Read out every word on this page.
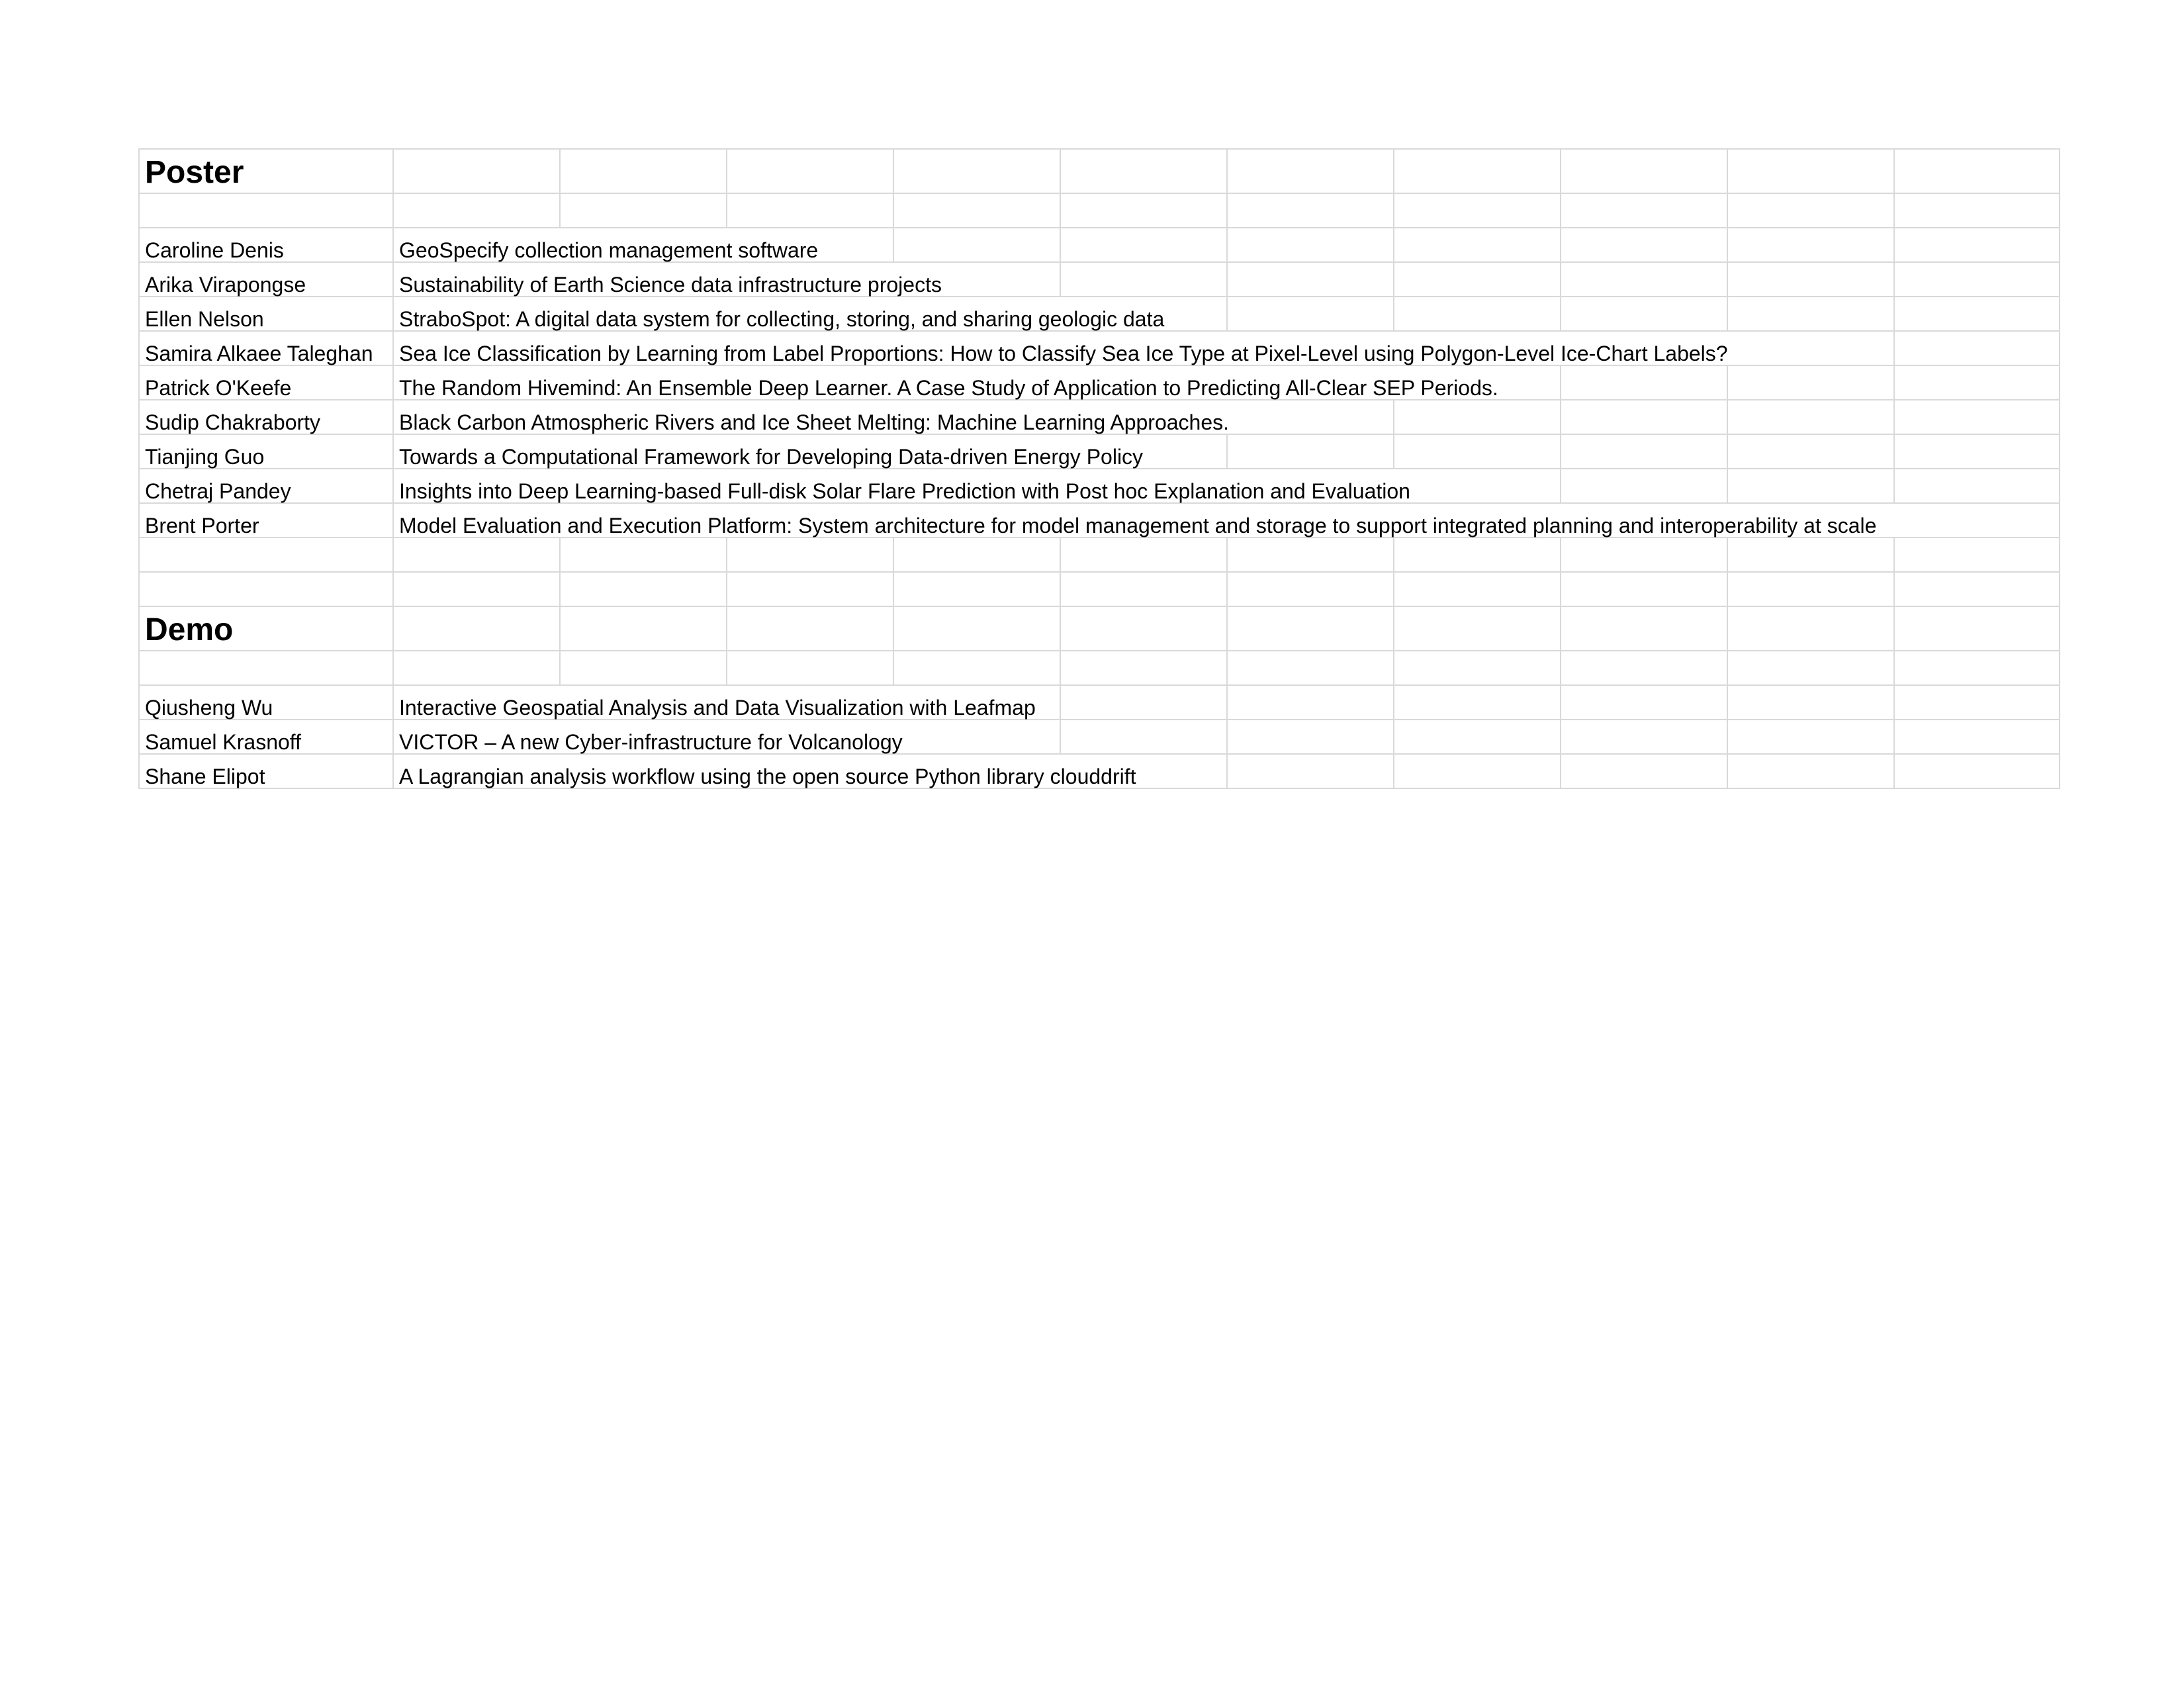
Poster										

Caroline Denis	GeoSpecify collection management software									
Arika Virapongse	Sustainability of Earth Science data infrastructure projects									
Ellen Nelson	StraboSpot: A digital data system for collecting, storing, and sharing geologic data									
Samira Alkaee Taleghan	Sea Ice Classification by Learning from Label Proportions: How to Classify Sea Ice Type at Pixel-Level using Polygon-Level Ice-Chart Labels?									
Patrick O'Keefe	The Random Hivemind: An Ensemble Deep Learner. A Case Study of Application to Predicting All-Clear SEP Periods.									
Sudip Chakraborty	Black Carbon Atmospheric Rivers and Ice Sheet Melting: Machine Learning Approaches.									
Tianjing Guo	Towards a Computational Framework for Developing Data-driven Energy Policy									
Chetraj Pandey	Insights into Deep Learning-based Full-disk Solar Flare Prediction with Post hoc Explanation and Evaluation									
Brent Porter	Model Evaluation and Execution Platform: System architecture for model management and storage to support integrated planning and interoperability at scale									

Demo										

Qiusheng Wu	Interactive Geospatial Analysis and Data Visualization with Leafmap									
Samuel Krasnoff	VICTOR – A new Cyber-infrastructure for Volcanology									
Shane Elipot	A Lagrangian analysis workflow using the open source Python library clouddrift									
